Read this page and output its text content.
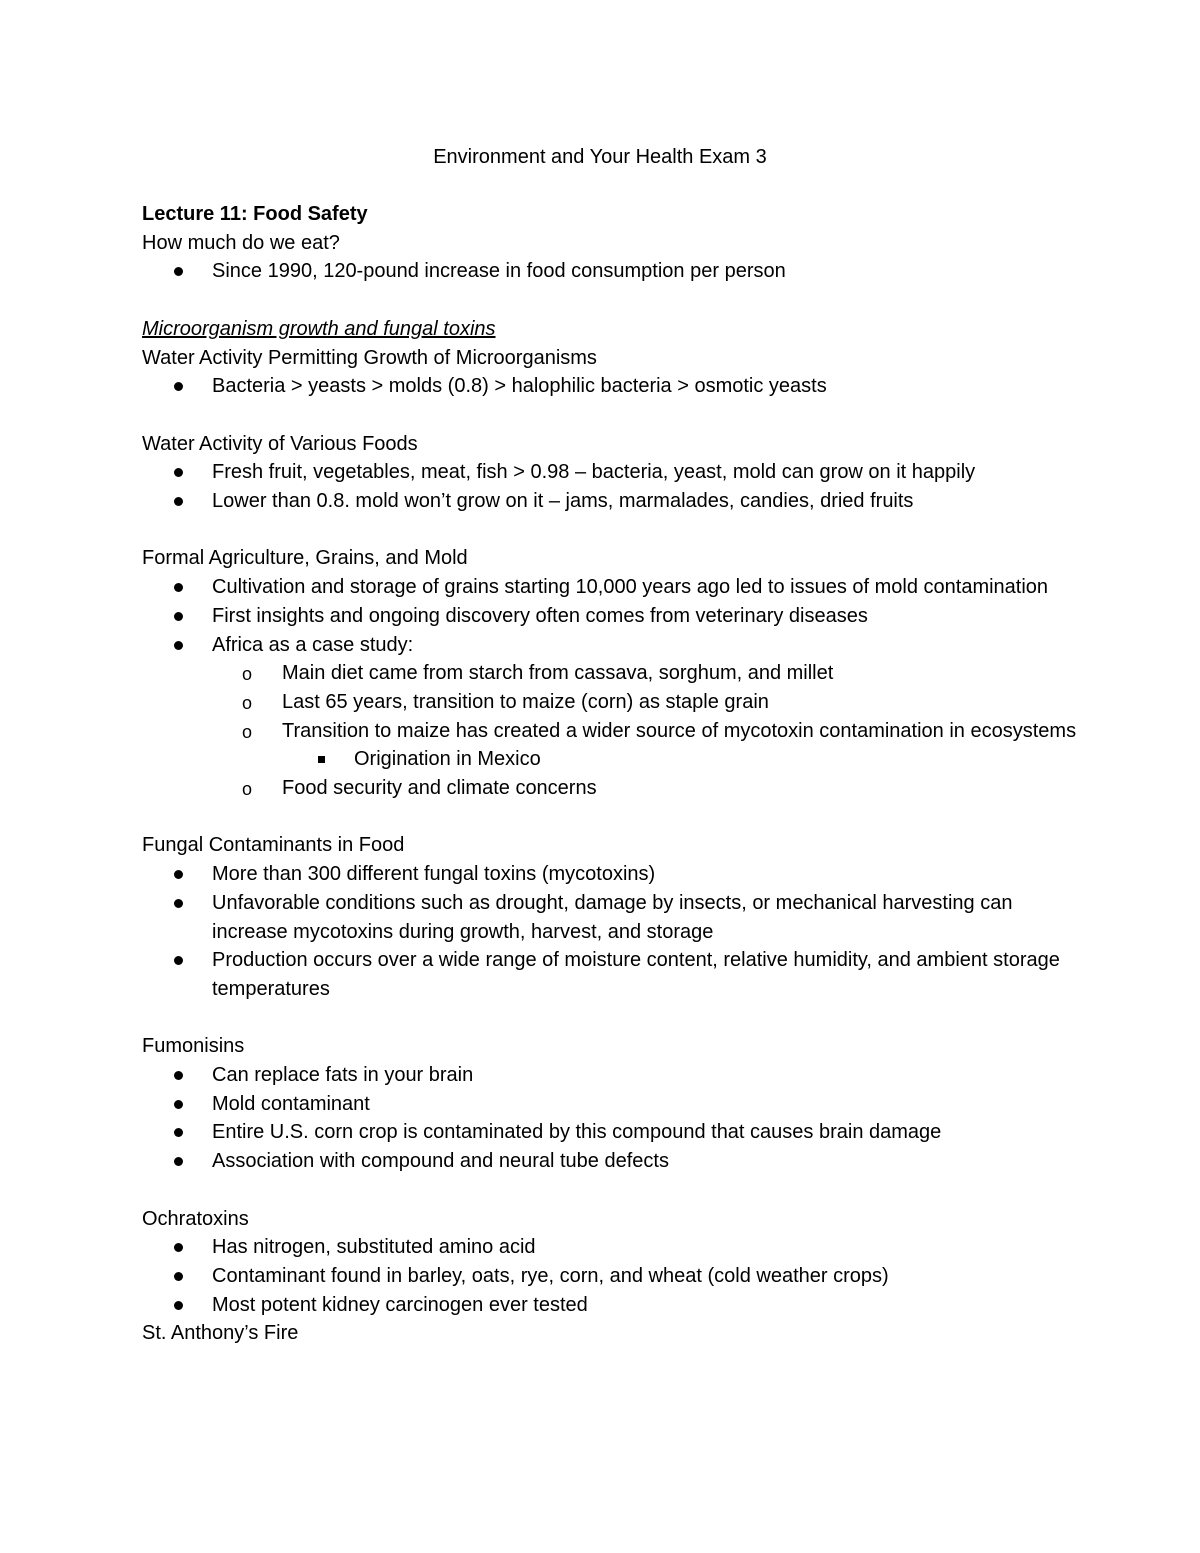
Environment and Your Health Exam 3

Lecture 11: Food Safety

How much do we eat?

Since 1990, 120-pound increase in food consumption per person

Microorganism growth and fungal toxins

Water Activity Permitting Growth of Microorganisms

Bacteria > yeasts > molds (0.8) > halophilic bacteria > osmotic yeasts

Water Activity of Various Foods

Fresh fruit, vegetables, meat, fish > 0.98 – bacteria, yeast, mold can grow on it happily
Lower than 0.8. mold won’t grow on it – jams, marmalades, candies, dried fruits

Formal Agriculture, Grains, and Mold

Cultivation and storage of grains starting 10,000 years ago led to issues of mold contamination
First insights and ongoing discovery often comes from veterinary diseases
Africa as a case study:
o
Main diet came from starch from cassava, sorghum, and millet
o
Last 65 years, transition to maize (corn) as staple grain
o
Transition to maize has created a wider source of mycotoxin contamination in ecosystems
Origination in Mexico
o
Food security and climate concerns

Fungal Contaminants in Food

More than 300 different fungal toxins (mycotoxins)
Unfavorable conditions such as drought, damage by insects, or mechanical harvesting can increase mycotoxins during growth, harvest, and storage
Production occurs over a wide range of moisture content, relative humidity, and ambient storage temperatures

Fumonisins

Can replace fats in your brain
Mold contaminant
Entire U.S. corn crop is contaminated by this compound that causes brain damage
Association with compound and neural tube defects

Ochratoxins

Has nitrogen, substituted amino acid
Contaminant found in barley, oats, rye, corn, and wheat (cold weather crops)
Most potent kidney carcinogen ever tested

St. Anthony’s Fire
